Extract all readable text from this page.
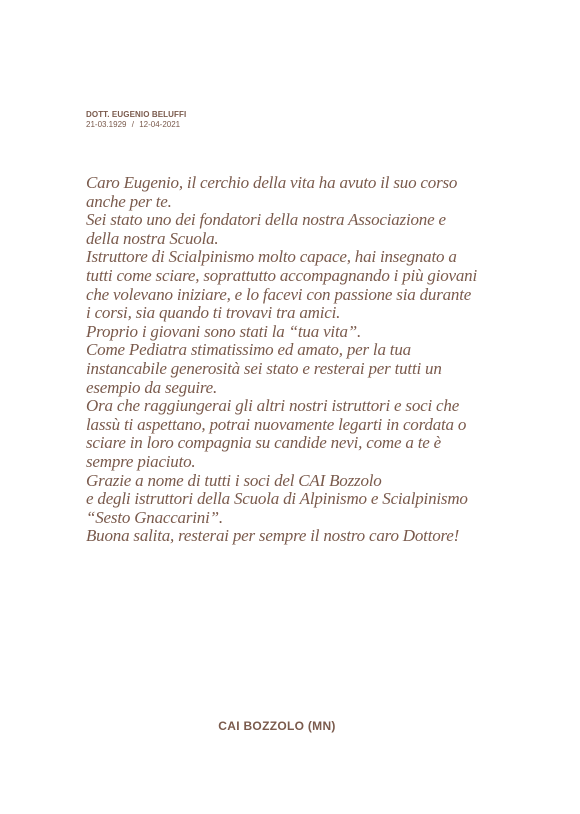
DOTT. EUGENIO BELUFFI
21-03.1929 / 12-04-2021
Caro Eugenio, il cerchio della vita ha avuto il suo corso
anche per te.
Sei stato uno dei fondatori della nostra Associazione e
della nostra Scuola.
Istruttore di Scialpinismo molto capace, hai insegnato a
tutti come sciare, soprattutto accompagnando i più giovani
che volevano iniziare, e lo facevi con passione sia durante
i corsi, sia quando ti trovavi tra amici.
Proprio i giovani sono stati la “tua vita”.
Come Pediatra stimatissimo ed amato, per la tua
instancabile generosità sei stato e resterai per tutti un
esempio da seguire.
Ora che raggiungerai gli altri nostri istruttori e soci che
lassù ti aspettano, potrai nuovamente legarti in cordata o
sciare in loro compagnia su candide nevi, come a te è
sempre piaciuto.
Grazie a nome di tutti i soci del CAI Bozzolo
e degli istruttori della Scuola di Alpinismo e Scialpinismo
“Sesto Gnaccarini”.
Buona salita, resterai per sempre il nostro caro Dottore!
CAI BOZZOLO (MN)
